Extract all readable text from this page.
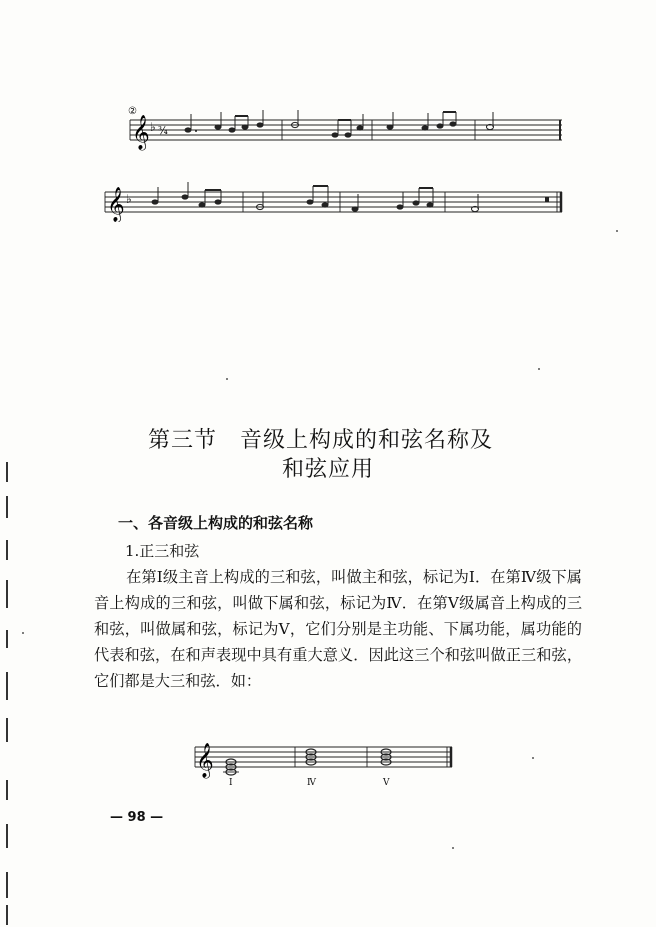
②
𝄞 ♭ ¾
𝄞 ♭
第三节　音级上构成的和弦名称及
和弦应用
一、各音级上构成的和弦名称
1.正三和弦
在第Ⅰ级主音上构成的三和弦，叫做主和弦，标记为Ⅰ．在第Ⅳ级下属音上构成的三和弦，叫做下属和弦，标记为Ⅳ．在第Ⅴ级属音上构成的三和弦，叫做属和弦，标记为Ⅴ，它们分别是主功能、下属功能，属功能的代表和弦，在和声表现中具有重大意义．因此这三个和弦叫做正三和弦，它们都是大三和弦．如：
𝄞
Ⅰ	Ⅳ	Ⅴ
— 98 —
